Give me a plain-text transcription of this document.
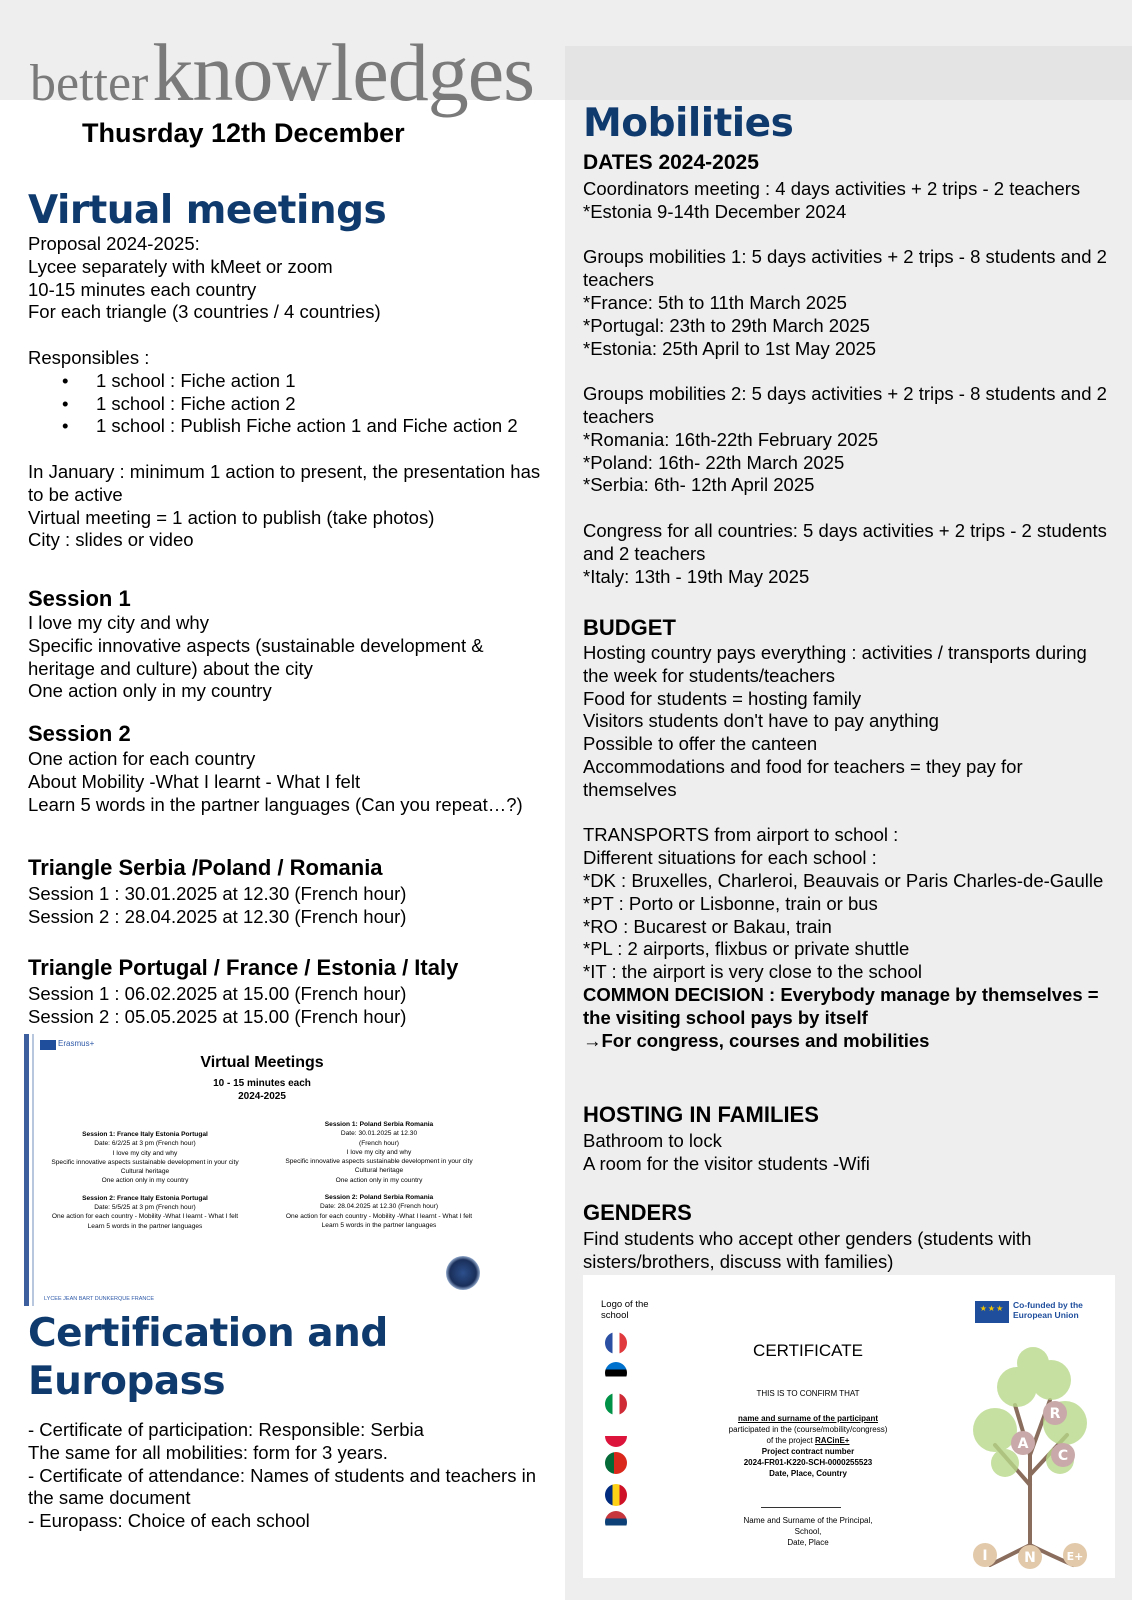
better knowledges
Thusrday 12th December
Virtual meetings

Proposal 2024-2025:

Lycee separately with kMeet or zoom

10-15 minutes each country

For each triangle (3 countries / 4 countries)

Responsibles :

• 1 school : Fiche action 1
• 1 school : Fiche action 2
• 1 school : Publish Fiche action 1 and Fiche action 2

In January : minimum 1 action to present, the presentation has to be active

Virtual meeting = 1 action to publish (take photos)

City : slides or video

Session 1

I love my city and why

Specific innovative aspects (sustainable development & heritage and culture) about the city

One action only in my country

Session 2

One action for each country

About Mobility -What I learnt - What I felt

Learn 5 words in the partner languages (Can you repeat…?)

Triangle Serbia /Poland / Romania

Session 1 : 30.01.2025 at 12.30 (French hour)

Session 2 : 28.04.2025 at 12.30 (French hour)

Triangle Portugal / France / Estonia / Italy

Session 1 : 06.02.2025 at 15.00 (French hour)

Session 2 : 05.05.2025 at 15.00 (French hour)

Erasmus+
Virtual Meetings
10 - 15 minutes each
2024-2025
Session 1: France Italy Estonia Portugal
Date: 6/2/25 at 3 pm (French hour)
I love my city and why
Specific innovative aspects sustainable development in your city
Cultural heritage
One action only in my country
Session 2: France Italy Estonia Portugal
Date: 5/5/25 at 3 pm (French hour)
One action for each country - Mobility -What I learnt - What I felt
Learn 5 words in the partner languages
Session 1: Poland Serbia Romania
Date: 30.01.2025 at 12.30
(French hour)
I love my city and why
Specific innovative aspects sustainable development in your city
Cultural heritage
One action only in my country
Session 2: Poland Serbia Romania
Date: 28.04.2025 at 12.30 (French hour)
One action for each country - Mobility -What I learnt - What I felt
Learn 5 words in the partner languages
LYCEE JEAN BART DUNKERQUE FRANCE
Certification and
Europass

- Certificate of participation: Responsible: Serbia

The same for all mobilities: form for 3 years.

- Certificate of attendance: Names of students and teachers in the same document

- Europass: Choice of each school

Mobilities
DATES 2024-2025

Coordinators meeting : 4 days activities + 2 trips - 2 teachers

*Estonia 9-14th December 2024

Groups mobilities 1: 5 days activities + 2 trips - 8 students and 2 teachers

*France: 5th to 11th March 2025

*Portugal: 23th to 29th March 2025

*Estonia: 25th April to 1st May 2025

Groups mobilities 2: 5 days activities + 2 trips - 8 students and 2 teachers

*Romania: 16th-22th February 2025

*Poland: 16th- 22th March 2025

*Serbia: 6th- 12th April 2025

Congress for all countries: 5 days activities + 2 trips - 2 students and 2 teachers

*Italy: 13th - 19th May 2025

BUDGET

Hosting country pays everything : activities / transports during the week for students/teachers

Food for students = hosting family

Visitors students don't have to pay anything

Possible to offer the canteen

Accommodations and food for teachers = they pay for themselves

TRANSPORTS from airport to school :

Different situations for each school :

*DK : Bruxelles, Charleroi, Beauvais or Paris Charles-de-Gaulle

*PT : Porto or Lisbonne, train or bus

*RO : Bucarest or Bakau, train

*PL : 2 airports, flixbus or private shuttle

*IT : the airport is very close to the school

COMMON DECISION : Everybody manage by themselves = the visiting school pays by itself

→For congress, courses and mobilities

HOSTING IN FAMILIES

Bathroom to lock

A room for the visitor students -Wifi

GENDERS

Find students who accept other genders (students with sisters/brothers, discuss with families)

Logo of the school
★★★	Co-funded by the European Union
CERTIFICATE
THIS IS TO CONFIRM THAT
name and surname of the participant
participated in the (course/mobility/congress)
of the project RACinE+
Project contract number
2024-FR01-K220-SCH-0000255523
Date, Place, Country
Name and Surname of the Principal,
School,
Date, Place
R
A
C
I	N	E+
